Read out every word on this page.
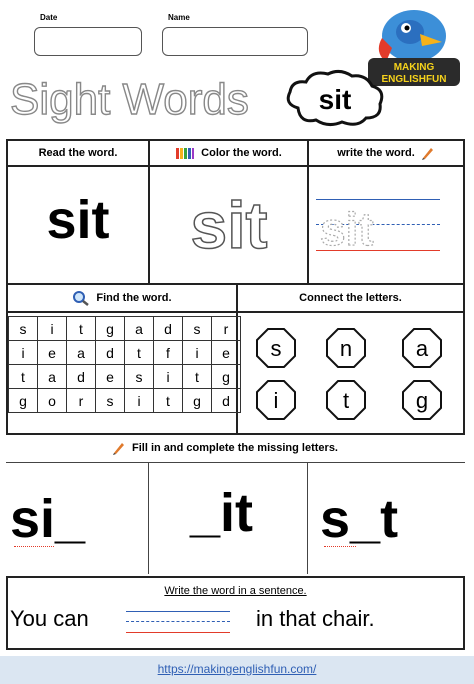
Date	Name
MAKING
ENGLISHFUN
Sight Words sit
Read the word.	Color the word.	write the word.
sit	sit sit
Find the word.	Connect the letters.
s	i	t	g	a	d	s	r
i	e	a	d	t	f	i	e
t	a	d	e	s	i	t	g
g	o	r	s	i	t	g	d
s	n	a
i	t	g
Fill in and complete the missing letters.
si_ _it s_t
Write the word in a sentence.
You can	in that chair.
https://makingenglishfun.com/
